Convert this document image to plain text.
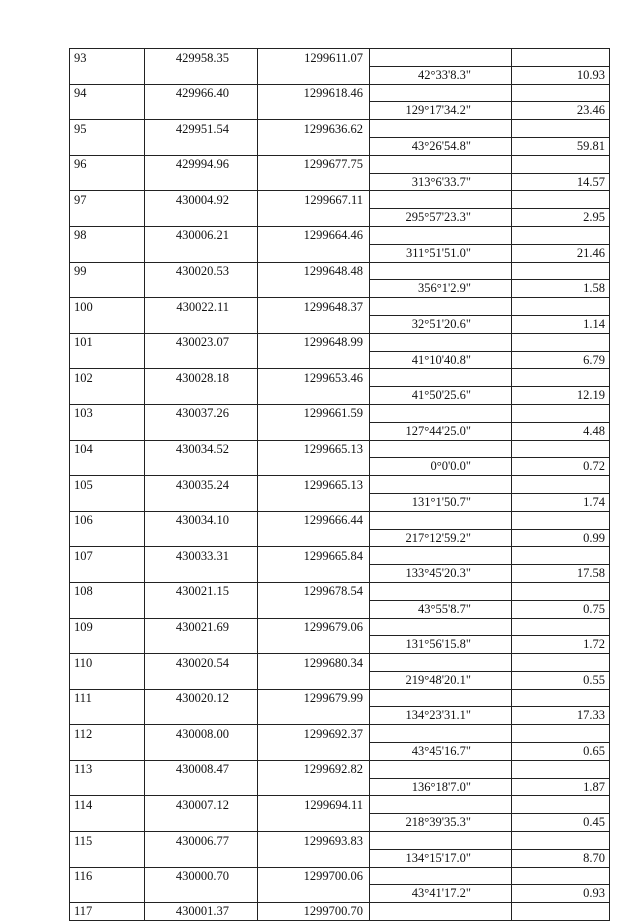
93	429958.35	1299611.07		
			42°33'8.3"	10.93
94	429966.40	1299618.46		
			129°17'34.2"	23.46
95	429951.54	1299636.62		
			43°26'54.8"	59.81
96	429994.96	1299677.75		
			313°6'33.7"	14.57
97	430004.92	1299667.11		
			295°57'23.3"	2.95
98	430006.21	1299664.46		
			311°51'51.0"	21.46
99	430020.53	1299648.48		
			356°1'2.9"	1.58
100	430022.11	1299648.37		
			32°51'20.6"	1.14
101	430023.07	1299648.99		
			41°10'40.8"	6.79
102	430028.18	1299653.46		
			41°50'25.6"	12.19
103	430037.26	1299661.59		
			127°44'25.0"	4.48
104	430034.52	1299665.13		
			0°0'0.0"	0.72
105	430035.24	1299665.13		
			131°1'50.7"	1.74
106	430034.10	1299666.44		
			217°12'59.2"	0.99
107	430033.31	1299665.84		
			133°45'20.3"	17.58
108	430021.15	1299678.54		
			43°55'8.7"	0.75
109	430021.69	1299679.06		
			131°56'15.8"	1.72
110	430020.54	1299680.34		
			219°48'20.1"	0.55
111	430020.12	1299679.99		
			134°23'31.1"	17.33
112	430008.00	1299692.37		
			43°45'16.7"	0.65
113	430008.47	1299692.82		
			136°18'7.0"	1.87
114	430007.12	1299694.11		
			218°39'35.3"	0.45
115	430006.77	1299693.83		
			134°15'17.0"	8.70
116	430000.70	1299700.06		
			43°41'17.2"	0.93
117	430001.37	1299700.70		
